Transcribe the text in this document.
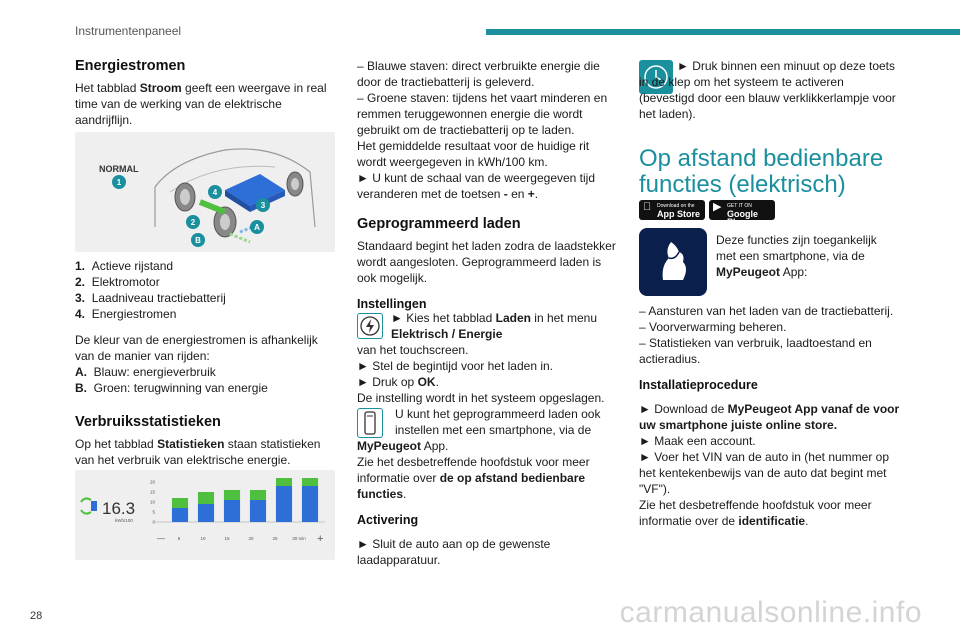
Instrumentenpaneel
28	carmanualsonline.info
Energiestromen

Het tabblad Stroom geeft een weergave in real time van de werking van de elektrische aandrijflijn.

NORMAL
1
2
3
4
A
B

1. Actieve rijstand

2. Elektromotor

3. Laadniveau tractiebatterij

4. Energiestromen

De kleur van de energiestromen is afhankelijk van de manier van rijden:

A. Blauw: energieverbruik

B. Groen: terugwinning van energie

Verbruiksstatistieken

Op het tabblad Statistieken staan statistieken van het verbruik van elektrische energie.

16.3
kWh/100	0
5
10
15
20
—	5	10	15	20	25	30 min +

– Blauwe staven: direct verbruikte energie die door de tractiebatterij is geleverd.

– Groene staven: tijdens het vaart minderen en remmen teruggewonnen energie die wordt gebruikt om de tractiebatterij op te laden.

Het gemiddelde resultaat voor de huidige rit wordt weergegeven in kWh/100 km.

► U kunt de schaal van de weergegeven tijd veranderen met de toetsen - en +.

Geprogrammeerd laden

Standaard begint het laden zodra de laadstekker wordt aangesloten. Geprogrammeerd laden is ook mogelijk.

Instellingen

► Kies het tabblad Laden in het menu Elektrisch / Energie

van het touchscreen.

► Stel de begintijd voor het laden in.

► Druk op OK.

De instelling wordt in het systeem opgeslagen.

U kunt het geprogrammeerd laden ook instellen met een smartphone, via de

MyPeugeot App.

Zie het desbetreffende hoofdstuk voor meer informatie over de op afstand bedienbare functies.

Activering

► Sluit de auto aan op de gewenste laadapparatuur.

► Druk binnen een minuut op deze toets in de klep om het systeem te activeren (bevestigd door een blauw verklikkerlampje voor het laden).

Op afstand bedienbare
functies (elektrisch)
Download on the
App Store
▶ GET IT ON
Google Play

Deze functies zijn toegankelijk met een smartphone, via de MyPeugeot App:

– Aansturen van het laden van de tractiebatterij.

– Voorverwarming beheren.

– Statistieken van verbruik, laadtoestand en actieradius.

Installatieprocedure

► Download de MyPeugeot App vanaf de voor uw smartphone juiste online store.

► Maak een account.

► Voer het VIN van de auto in (het nummer op het kentekenbewijs van de auto dat begint met "VF").

Zie het desbetreffende hoofdstuk voor meer informatie over de identificatie.
